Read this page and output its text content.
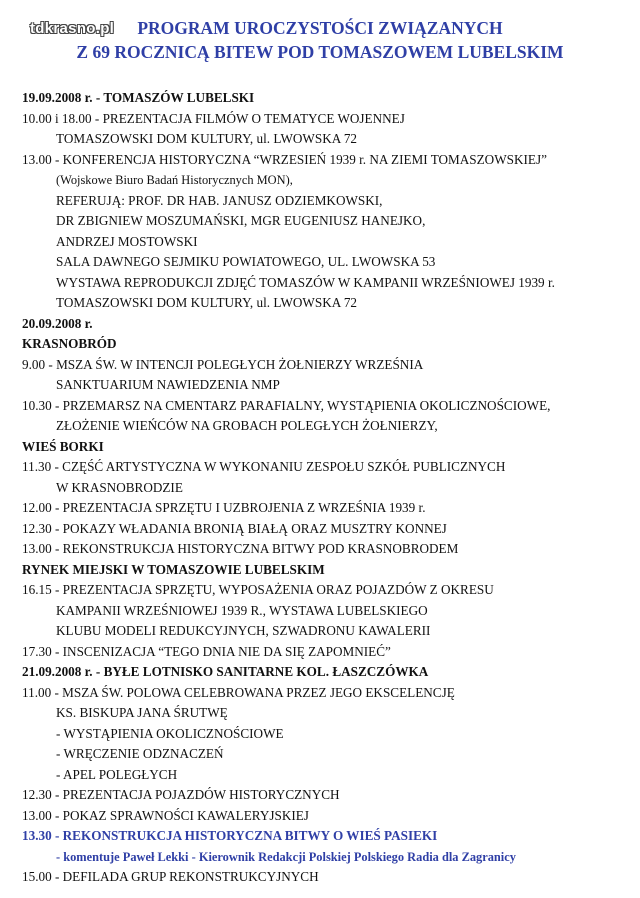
tdkrasno.pl	PROGRAM UROCZYSTOŚCI ZWIĄZANYCH
Z 69 ROCZNICĄ BITEW POD TOMASZOWEM LUBELSKIM
19.09.2008 r. - TOMASZÓW LUBELSKI
10.00 i 18.00 - PREZENTACJA FILMÓW O TEMATYCE WOJENNEJ
TOMASZOWSKI DOM KULTURY, ul. LWOWSKA 72
13.00 - KONFERENCJA HISTORYCZNA “WRZESIEŃ 1939 r. NA ZIEMI TOMASZOWSKIEJ”
(Wojskowe Biuro Badań Historycznych MON),
REFERUJĄ: PROF. DR HAB. JANUSZ ODZIEMKOWSKI,
DR ZBIGNIEW MOSZUMAŃSKI, MGR EUGENIUSZ HANEJKO,
ANDRZEJ MOSTOWSKI
SALA DAWNEGO SEJMIKU POWIATOWEGO, UL. LWOWSKA 53
WYSTAWA REPRODUKCJI ZDJĘĆ TOMASZÓW W KAMPANII WRZEŚNIOWEJ 1939 r.
TOMASZOWSKI DOM KULTURY, ul. LWOWSKA 72
20.09.2008 r.
KRASNOBRÓD
9.00 - MSZA ŚW. W INTENCJI POLEGŁYCH ŻOŁNIERZY WRZEŚNIA
SANKTUARIUM NAWIEDZENIA NMP
10.30 - PRZEMARSZ NA CMENTARZ PARAFIALNY, WYSTĄPIENIA OKOLICZNOŚCIOWE,
ZŁOŻENIE WIEŃCÓW NA GROBACH POLEGŁYCH ŻOŁNIERZY,
WIEŚ BORKI
11.30 - CZĘŚĆ ARTYSTYCZNA W WYKONANIU ZESPOŁU SZKÓŁ PUBLICZNYCH
W KRASNOBRODZIE
12.00 - PREZENTACJA SPRZĘTU I UZBROJENIA Z WRZEŚNIA 1939 r.
12.30 - POKAZY WŁADANIA BRONIĄ BIAŁĄ ORAZ MUSZTRY KONNEJ
13.00 - REKONSTRUKCJA HISTORYCZNA BITWY POD KRASNOBRODEM
RYNEK MIEJSKI W TOMASZOWIE LUBELSKIM
16.15 - PREZENTACJA SPRZĘTU, WYPOSAŻENIA ORAZ POJAZDÓW Z OKRESU
KAMPANII WRZEŚNIOWEJ 1939 R., WYSTAWA LUBELSKIEGO
KLUBU MODELI REDUKCYJNYCH, SZWADRONU KAWALERII
17.30 - INSCENIZACJA “TEGO DNIA NIE DA SIĘ ZAPOMNIEĆ”
21.09.2008 r. - BYŁE LOTNISKO SANITARNE KOL. ŁASZCZÓWKA
11.00 - MSZA ŚW. POLOWA CELEBROWANA PRZEZ JEGO EKSCELENCJĘ
KS. BISKUPA JANA ŚRUTWĘ
- WYSTĄPIENIA OKOLICZNOŚCIOWE
- WRĘCZENIE ODZNACZEŃ
- APEL POLEGŁYCH
12.30 - PREZENTACJA POJAZDÓW HISTORYCZNYCH
13.00 - POKAZ SPRAWNOŚCI KAWALERYJSKIEJ
13.30 - REKONSTRUKCJA HISTORYCZNA BITWY O WIEŚ PASIEKI
- komentuje Paweł Lekki - Kierownik Redakcji Polskiej Polskiego Radia dla Zagranicy
15.00 - DEFILADA GRUP REKONSTRUKCYJNYCH
